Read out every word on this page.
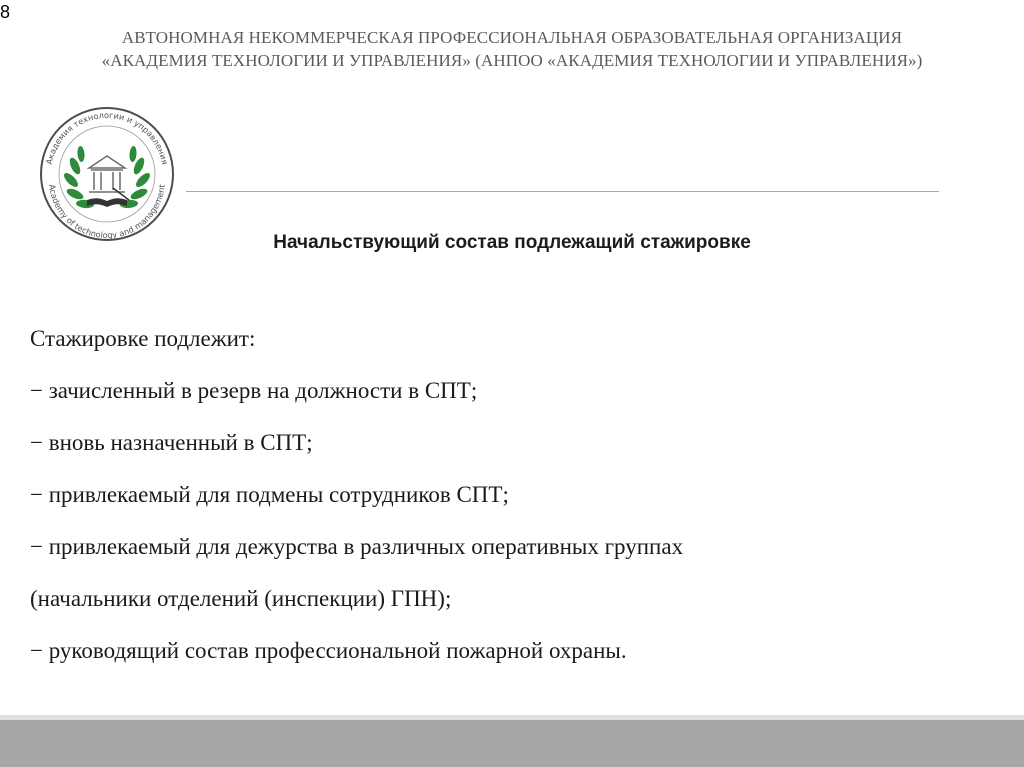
8
АВТОНОМНАЯ НЕКОММЕРЧЕСКАЯ ПРОФЕССИОНАЛЬНАЯ ОБРАЗОВАТЕЛЬНАЯ ОРГАНИЗАЦИЯ
«АКАДЕМИЯ ТЕХНОЛОГИИ И УПРАВЛЕНИЯ» (АНПОО «АКАДЕМИЯ ТЕХНОЛОГИИ И УПРАВЛЕНИЯ»)
Академия технологии и управления
Academy of technology and management
Начальствующий состав подлежащий стажировке
Стажировке подлежит:
− зачисленный в резерв на должности в СПТ;
− вновь назначенный в СПТ;
− привлекаемый для подмены сотрудников СПТ;
− привлекаемый для дежурства в различных оперативных группах
(начальники отделений (инспекции) ГПН);
− руководящий состав профессиональной пожарной охраны.
